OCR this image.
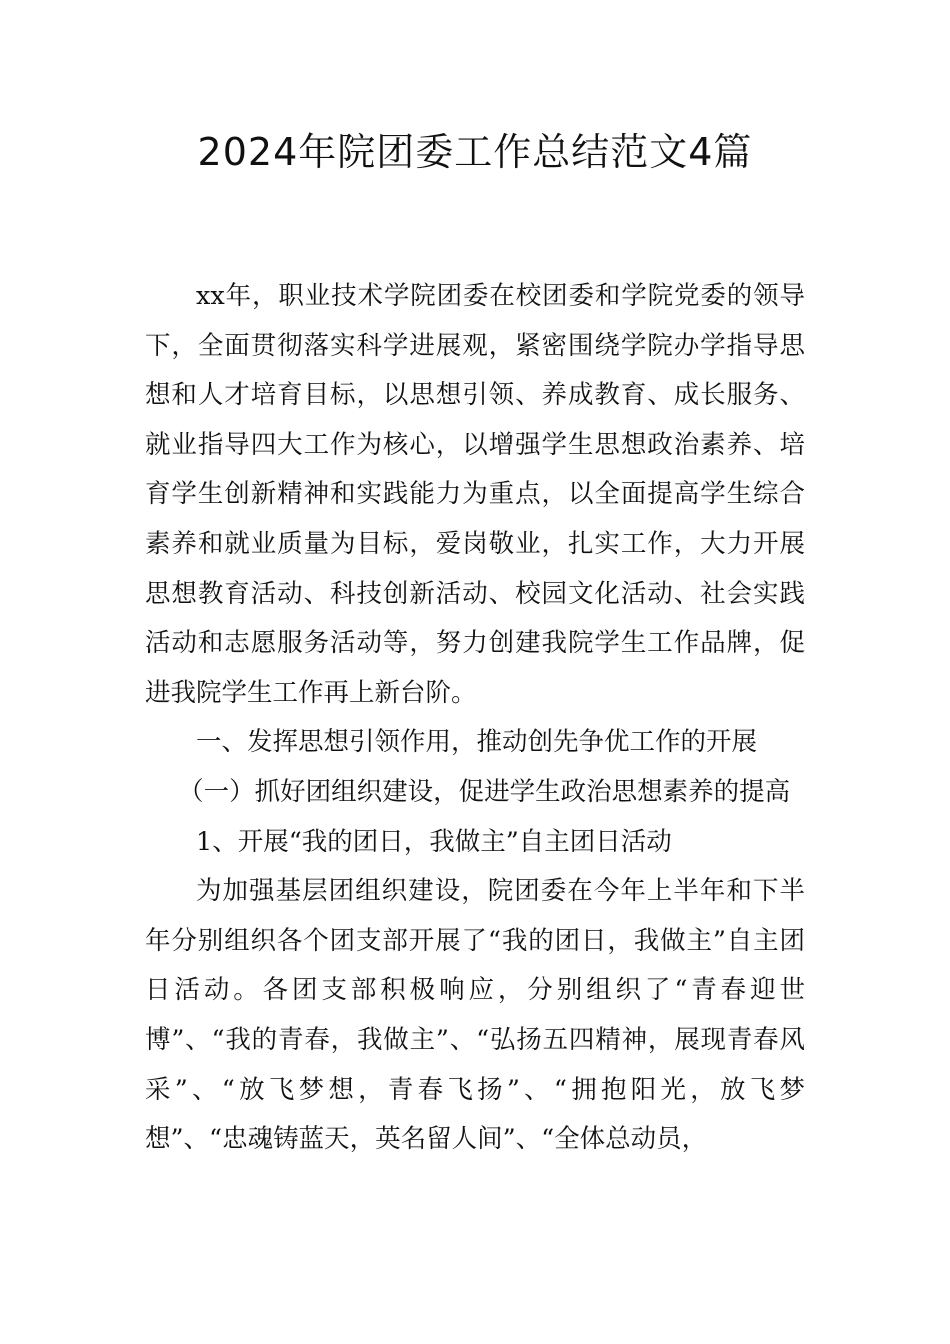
2024年院团委工作总结范文4篇

xx年，职业技术学院团委在校团委和学院党委的领导下，全面贯彻落实科学进展观，紧密围绕学院办学指导思想和人才培育目标，以思想引领、养成教育、成长服务、就业指导四大工作为核心，以增强学生思想政治素养、培育学生创新精神和实践能力为重点，以全面提高学生综合素养和就业质量为目标，爱岗敬业，扎实工作，大力开展思想教育活动、科技创新活动、校园文化活动、社会实践活动和志愿服务活动等，努力创建我院学生工作品牌，促进我院学生工作再上新台阶。

一、发挥思想引领作用，推动创先争优工作的开展

（一）抓好团组织建设，促进学生政治思想素养的提高

1、开展“我的团日，我做主”自主团日活动

为加强基层团组织建设，院团委在今年上半年和下半年分别组织各个团支部开展了“我的团日，我做主”自主团日活动。各团支部积极响应，分别组织了“青春迎世博”、“我的青春，我做主”、“弘扬五四精神，展现青春风采”、“放飞梦想，青春飞扬”、“拥抱阳光，放飞梦想”、“忠魂铸蓝天，英名留人间”、“全体总动员，
